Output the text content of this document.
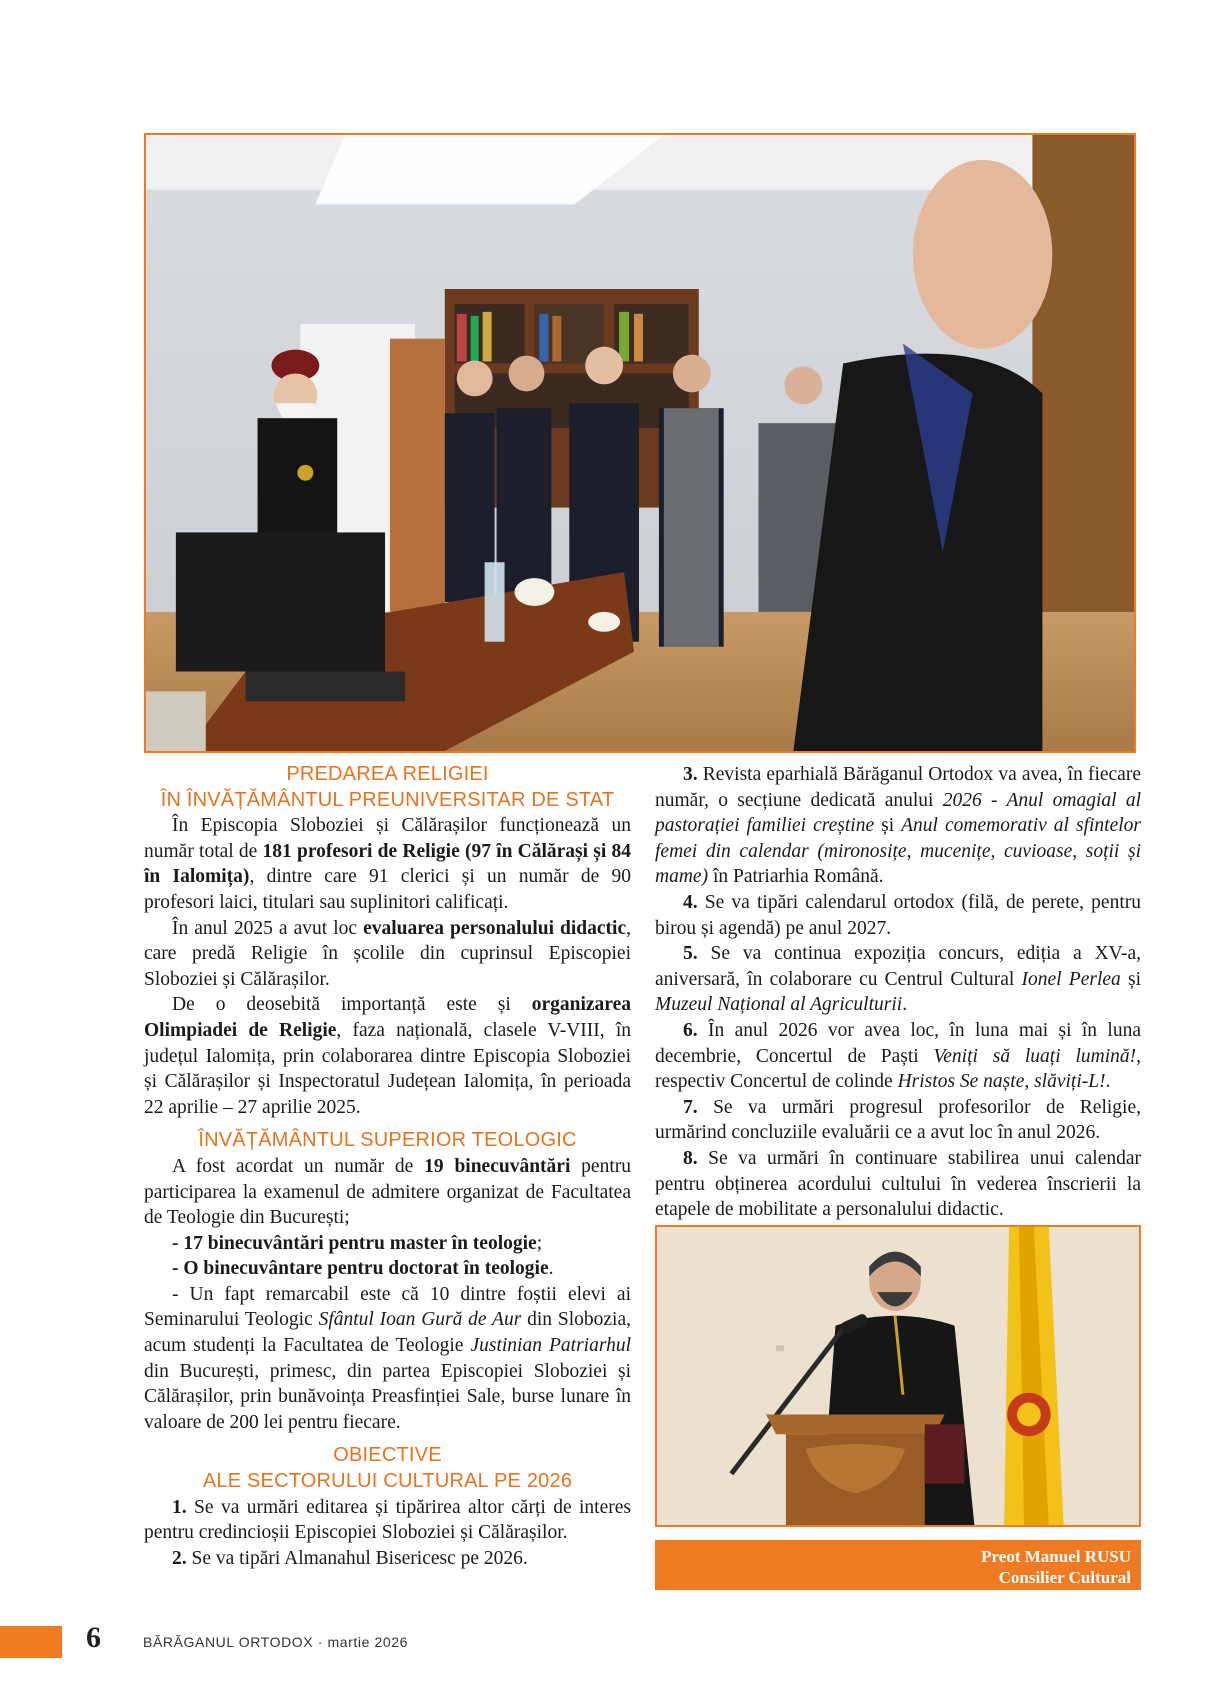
PREDAREA RELIGIEI
ÎN ÎNVĂȚĂMÂNTUL PREUNIVERSITAR DE STAT

În Episcopia Sloboziei și Călărașilor funcționează un număr total de 181 profesori de Religie (97 în Călărași și 84 în Ialomița), dintre care 91 clerici și un număr de 90 profesori laici, titulari sau suplinitori calificați.

În anul 2025 a avut loc evaluarea personalului didactic, care predă Religie în școlile din cuprinsul Episcopiei Sloboziei și Călărașilor.

De o deosebită importanță este și organizarea Olimpiadei de Religie, faza națională, clasele V-VIII, în județul Ialomița, prin colaborarea dintre Episcopia Sloboziei și Călărașilor și Inspectoratul Județean Ialomița, în perioada 22 aprilie – 27 aprilie 2025.

ÎNVĂȚĂMÂNTUL SUPERIOR TEOLOGIC

A fost acordat un număr de 19 binecuvântări pentru participarea la examenul de admitere organizat de Facultatea de Teologie din București;

- 17 binecuvântări pentru master în teologie;

- O binecuvântare pentru doctorat în teologie.

- Un fapt remarcabil este că 10 dintre foștii elevi ai Seminarului Teologic Sfântul Ioan Gură de Aur din Slobozia, acum studenți la Facultatea de Teologie Justinian Patriarhul din București, primesc, din partea Episcopiei Sloboziei și Călărașilor, prin bunăvoința Preasfinției Sale, burse lunare în valoare de 200 lei pentru fiecare.

OBIECTIVE
ALE SECTORULUI CULTURAL PE 2026

1. Se va urmări editarea și tipărirea altor cărți de interes pentru credincioșii Episcopiei Sloboziei și Călărașilor.

2. Se va tipări Almanahul Bisericesc pe 2026.

3. Revista eparhială Bărăganul Ortodox va avea, în fiecare număr, o secțiune dedicată anului 2026 - Anul omagial al pastorației familiei creștine și Anul comemorativ al sfintelor femei din calendar (mironosițe, mucenițe, cuvioase, soții și mame) în Patriarhia Română.

4. Se va tipări calendarul ortodox (filă, de perete, pentru birou și agendă) pe anul 2027.

5. Se va continua expoziția concurs, ediția a XV-a, aniversară, în colaborare cu Centrul Cultural Ionel Perlea și Muzeul Național al Agriculturii.

6. În anul 2026 vor avea loc, în luna mai și în luna decembrie, Concertul de Paști Veniți să luați lumină!, respectiv Concertul de colinde Hristos Se naște, slăviți-L!.

7. Se va urmări progresul profesorilor de Religie, urmărind concluziile evaluării ce a avut loc în anul 2026.

8. Se va urmări în continuare stabilirea unui calendar pentru obținerea acordului cultului în vederea înscrierii la etapele de mobilitate a personalului didactic.

Preot Manuel RUSU
Consilier Cultural
6	BĂRĂGANUL ORTODOX · martie 2026
